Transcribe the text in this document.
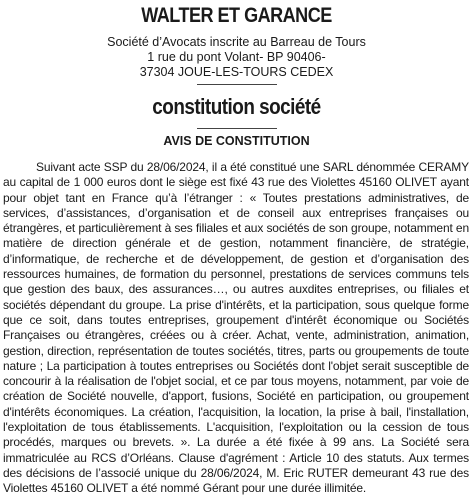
WALTER ET GARANCE
Société d’Avocats inscrite au Barreau de Tours
1 rue du pont Volant- BP 90406-
37304 JOUE-LES-TOURS CEDEX
constitution société
AVIS DE CONSTITUTION

Suivant acte SSP du 28/06/2024, il a été constitué une SARL dénommée CERAMY au capital de 1 000 euros dont le siège est fixé 43 rue des Violettes 45160 OLIVET ayant pour objet tant en France qu’à l’étranger : « Toutes prestations administratives, de services, d’assistances, d’organisation et de conseil aux entreprises françaises ou étrangères, et particulièrement à ses filiales et aux sociétés de son groupe, notamment en matière de direction générale et de gestion, notamment financière, de stratégie, d’informatique, de recherche et de développement, de gestion et d’organisation des ressources humaines, de formation du personnel, prestations de services communs tels que gestion des baux, des assurances…, ou autres auxdites entreprises, ou filiales et sociétés dépendant du groupe. La prise d'intérêts, et la participation, sous quelque forme que ce soit, dans toutes entreprises, groupement d'intérêt économique ou Sociétés Françaises ou étrangères, créées ou à créer. Achat, vente, administration, animation, gestion, direction, représentation de toutes sociétés, titres, parts ou groupements de toute nature ; La participation à toutes entreprises ou Sociétés dont l'objet serait susceptible de concourir à la réalisation de l'objet social, et ce par tous moyens, notamment, par voie de création de Société nouvelle, d'apport, fusions, Société en participation, ou groupement d'intérêts économiques. La création, l'acquisition, la location, la prise à bail, l'installation, l'exploitation de tous établissements. L'acquisition, l'exploitation ou la cession de tous procédés, marques ou brevets. ». La durée a été fixée à 99 ans. La Société sera immatriculée au RCS d’Orléans. Clause d'agrément : Article 10 des statuts. Aux termes des décisions de l’associé unique du 28/06/2024, M. Eric RUTER demeurant 43 rue des Violettes 45160 OLIVET a été nommé Gérant pour une durée illimitée.
